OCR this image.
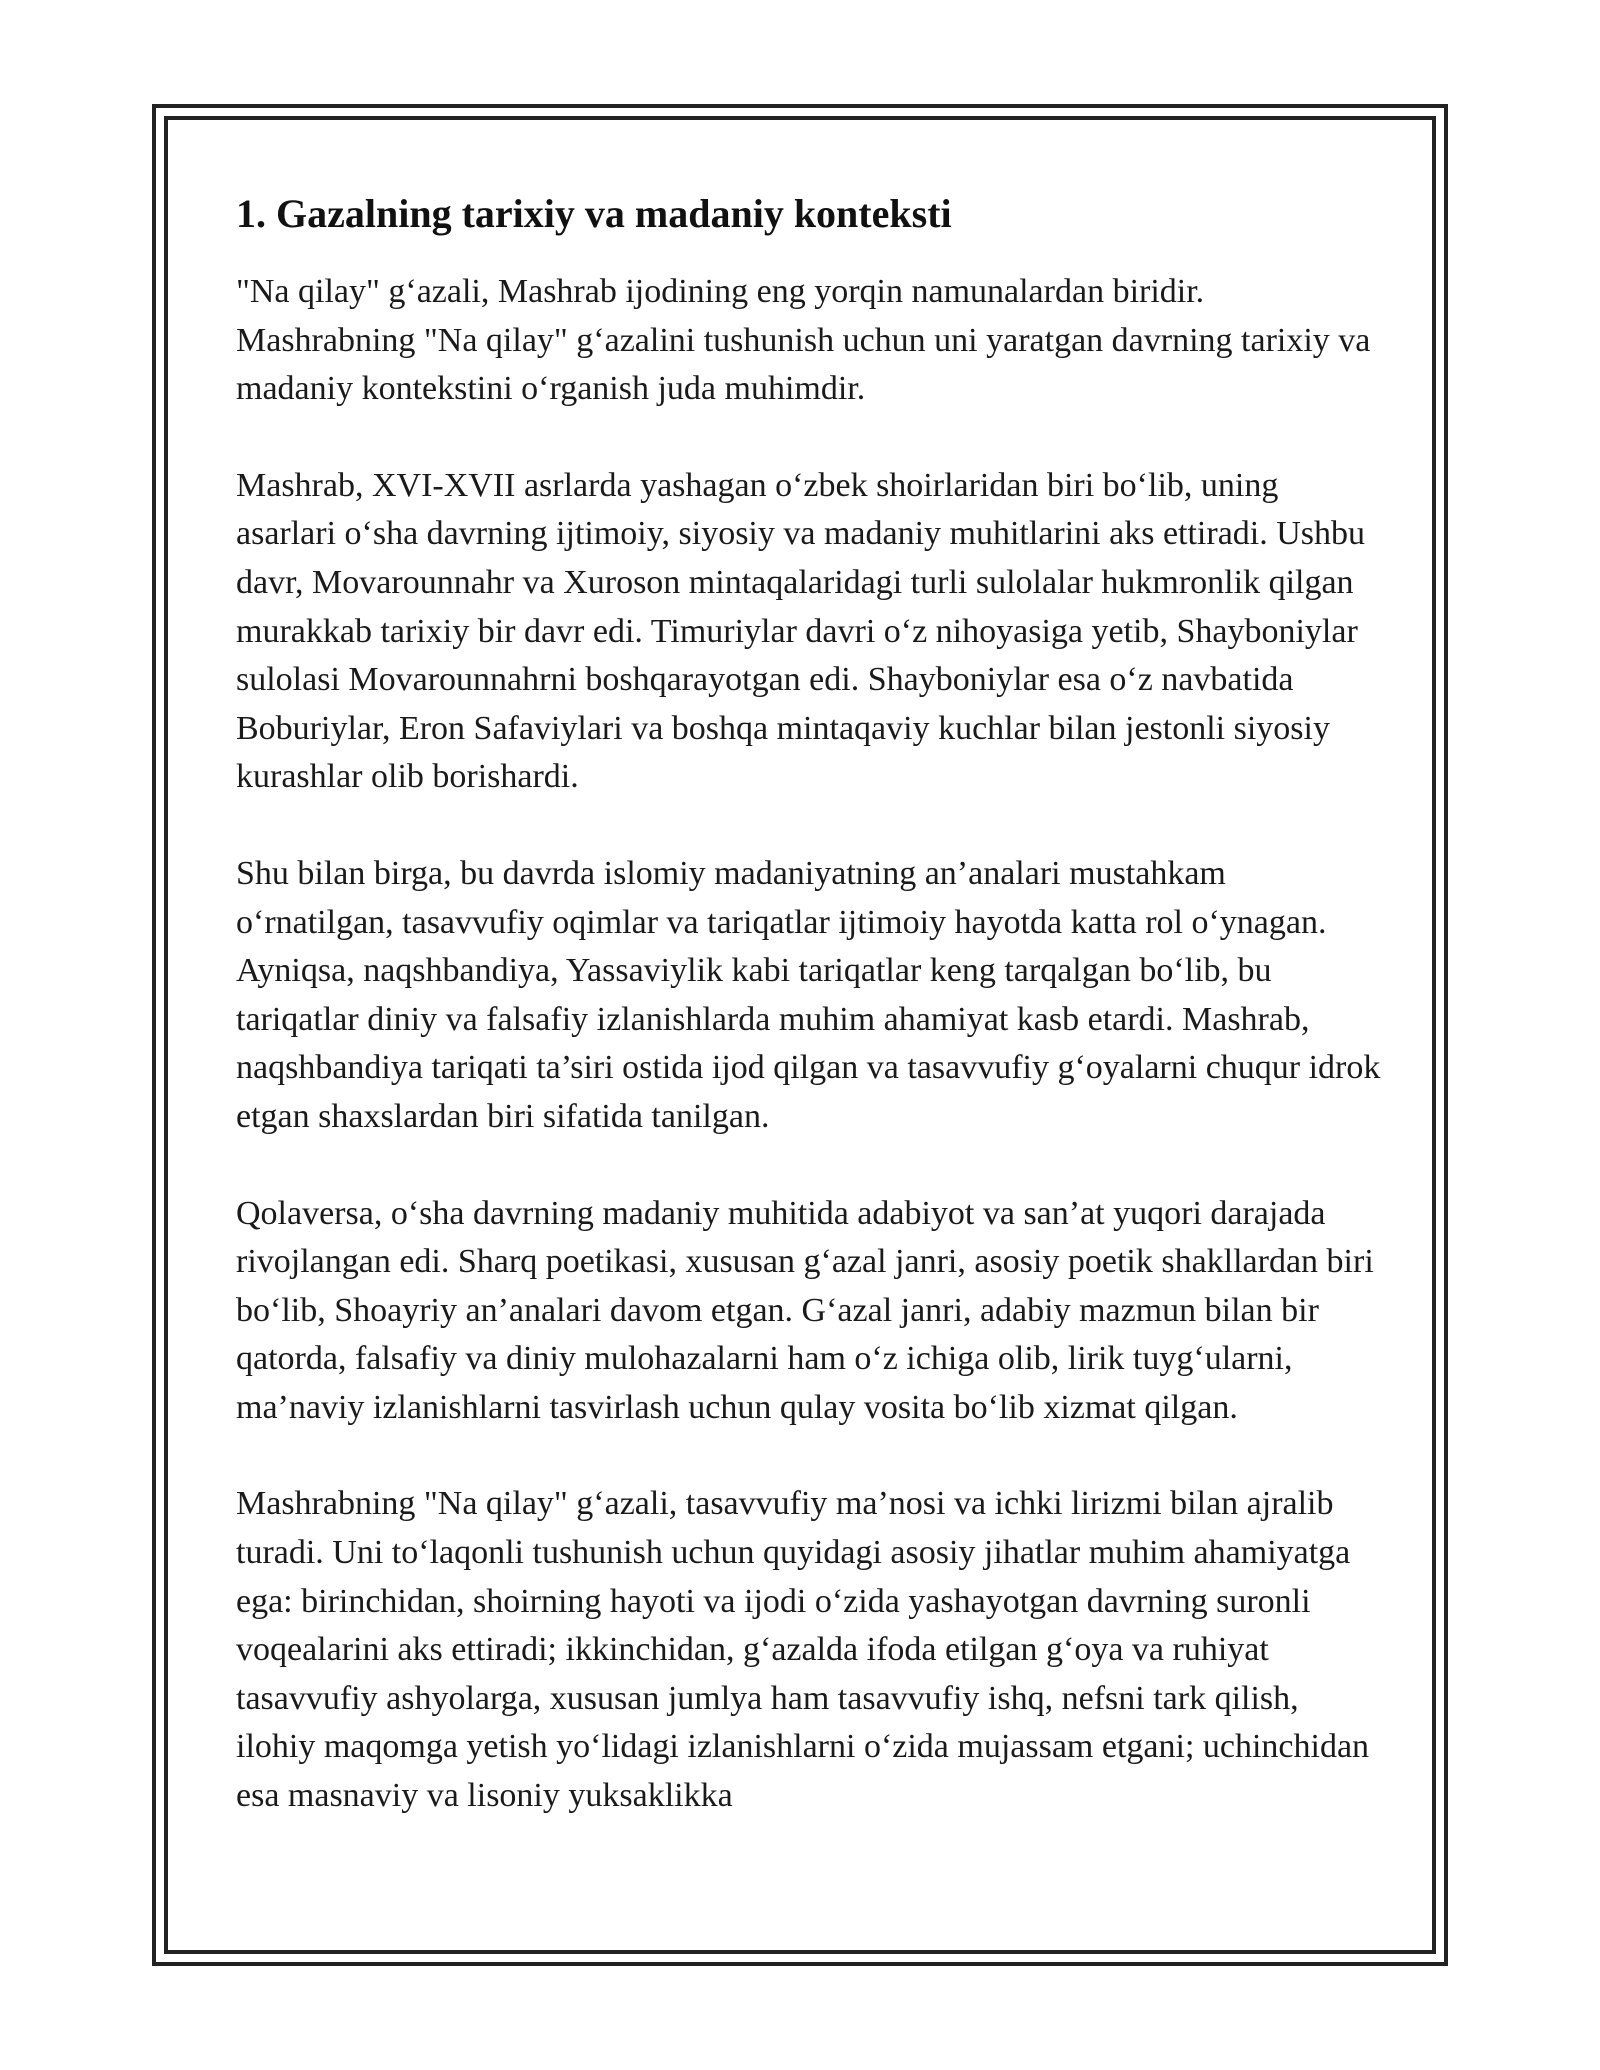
1. Gazalning tarixiy va madaniy konteksti

"Na qilay" g‘azali, Mashrab ijodining eng yorqin namunalardan biridir. Mashrabning "Na qilay" g‘azalini tushunish uchun uni yaratgan davrning tarixiy va madaniy kontekstini o‘rganish juda muhimdir.

Mashrab, XVI-XVII asrlarda yashagan o‘zbek shoirlaridan biri bo‘lib, uning asarlari o‘sha davrning ijtimoiy, siyosiy va madaniy muhitlarini aks ettiradi. Ushbu davr, Movarounnahr va Xuroson mintaqalaridagi turli sulolalar hukmronlik qilgan murakkab tarixiy bir davr edi. Timuriylar davri o‘z nihoyasiga yetib, Shayboniylar sulolasi Movarounnahrni boshqarayotgan edi. Shayboniylar esa o‘z navbatida Boburiylar, Eron Safaviylari va boshqa mintaqaviy kuchlar bilan jestonli siyosiy kurashlar olib borishardi.

Shu bilan birga, bu davrda islomiy madaniyatning an’analari mustahkam o‘rnatilgan, tasavvufiy oqimlar va tariqatlar ijtimoiy hayotda katta rol o‘ynagan. Ayniqsa, naqshbandiya, Yassaviylik kabi tariqatlar keng tarqalgan bo‘lib, bu tariqatlar diniy va falsafiy izlanishlarda muhim ahamiyat kasb etardi. Mashrab, naqshbandiya tariqati ta’siri ostida ijod qilgan va tasavvufiy g‘oyalarni chuqur idrok etgan shaxslardan biri sifatida tanilgan.

Qolaversa, o‘sha davrning madaniy muhitida adabiyot va san’at yuqori darajada rivojlangan edi. Sharq poetikasi, xususan g‘azal janri, asosiy poetik shakllardan biri bo‘lib, Shoayriy an’analari davom etgan. G‘azal janri, adabiy mazmun bilan bir qatorda, falsafiy va diniy mulohazalarni ham o‘z ichiga olib, lirik tuyg‘ularni, ma’naviy izlanishlarni tasvirlash uchun qulay vosita bo‘lib xizmat qilgan.

Mashrabning "Na qilay" g‘azali, tasavvufiy ma’nosi va ichki lirizmi bilan ajralib turadi. Uni to‘laqonli tushunish uchun quyidagi asosiy jihatlar muhim ahamiyatga ega: birinchidan, shoirning hayoti va ijodi o‘zida yashayotgan davrning suronli voqealarini aks ettiradi; ikkinchidan, g‘azalda ifoda etilgan g‘oya va ruhiyat tasavvufiy ashyolarga, xususan jumlya ham tasavvufiy ishq, nefsni tark qilish, ilohiy maqomga yetish yo‘lidagi izlanishlarni o‘zida mujassam etgani; uchinchidan esa masnaviy va lisoniy yuksaklikka
